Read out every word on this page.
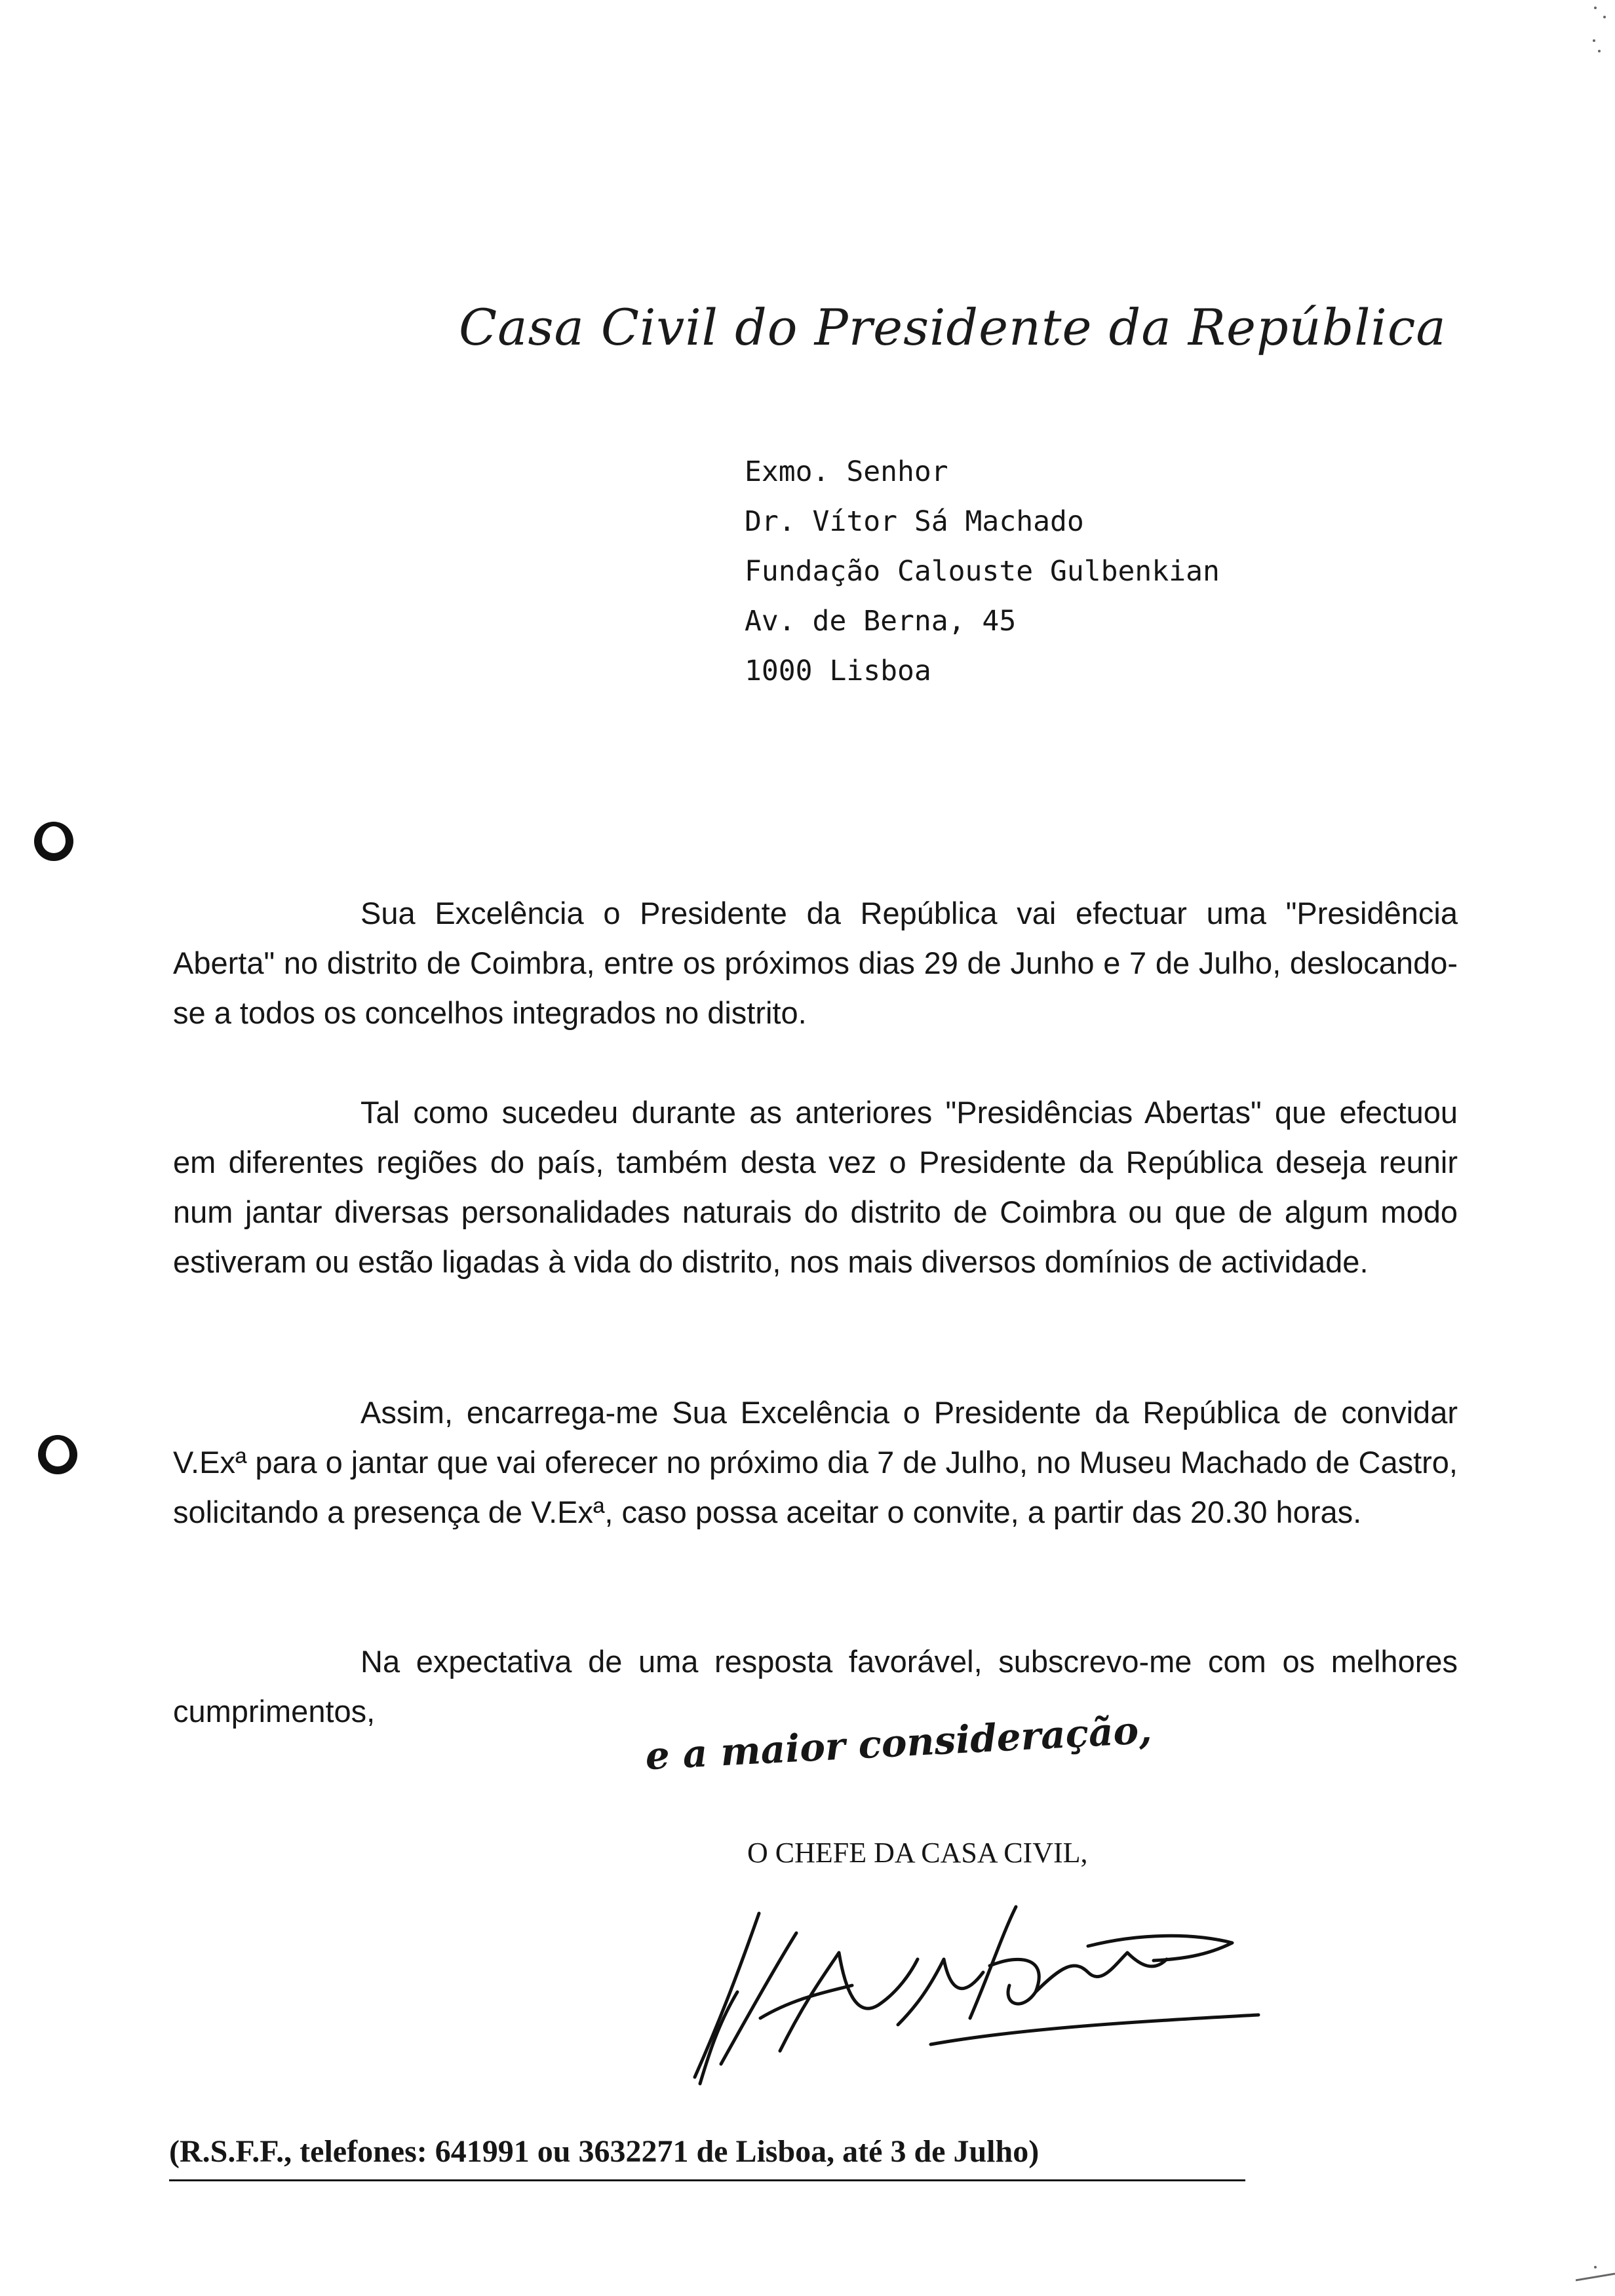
Casa Civil do Presidente da República
Exmo. Senhor
Dr. Vítor Sá Machado
Fundação Calouste Gulbenkian
Av. de Berna, 45
1000 Lisboa
Sua Excelência o Presidente da República vai efectuar uma "Presidência Aberta" no distrito de Coimbra, entre os próximos dias 29 de Junho e 7 de Julho, deslocando-se a todos os concelhos integrados no distrito.
Tal como sucedeu durante as anteriores "Presidências Abertas" que efectuou em diferentes regiões do país, também desta vez o Presidente da República deseja reunir num jantar diversas personalidades naturais do distrito de Coimbra ou que de algum modo estiveram ou estão ligadas à vida do distrito, nos mais diversos domínios de actividade.
Assim, encarrega-me Sua Excelência o Presidente da República de convidar V.Exª para o jantar que vai oferecer no próximo dia 7 de Julho, no Museu Machado de Castro, solicitando a presença de V.Exª, caso possa aceitar o convite, a partir das 20.30 horas.
Na expectativa de uma resposta favorável, subscrevo-me com os melhores cumprimentos,	e a maior consideração,
O CHEFE DA CASA CIVIL,
(R.S.F.F., telefones: 641991 ou 3632271 de Lisboa, até 3 de Julho)
